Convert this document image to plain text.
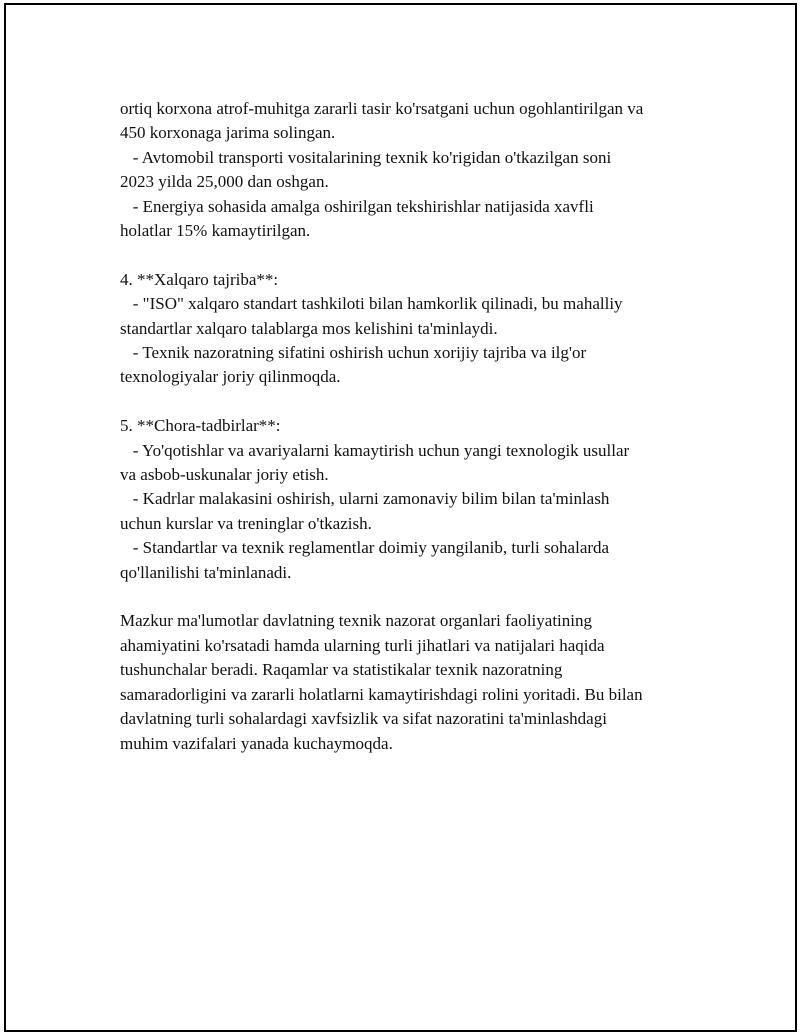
ortiq korxona atrof-muhitga zararli tasir ko'rsatgani uchun ogohlantirilgan va
450 korxonaga jarima solingan.
- Avtomobil transporti vositalarining texnik ko'rigidan o'tkazilgan soni
2023 yilda 25,000 dan oshgan.
- Energiya sohasida amalga oshirilgan tekshirishlar natijasida xavfli
holatlar 15% kamaytirilgan.
4. **Xalqaro tajriba**:
- "ISO" xalqaro standart tashkiloti bilan hamkorlik qilinadi, bu mahalliy
standartlar xalqaro talablarga mos kelishini ta'minlaydi.
- Texnik nazoratning sifatini oshirish uchun xorijiy tajriba va ilg'or
texnologiyalar joriy qilinmoqda.
5. **Chora-tadbirlar**:
- Yo'qotishlar va avariyalarni kamaytirish uchun yangi texnologik usullar
va asbob-uskunalar joriy etish.
- Kadrlar malakasini oshirish, ularni zamonaviy bilim bilan ta'minlash
uchun kurslar va treninglar o'tkazish.
- Standartlar va texnik reglamentlar doimiy yangilanib, turli sohalarda
qo'llanilishi ta'minlanadi.
Mazkur ma'lumotlar davlatning texnik nazorat organlari faoliyatining
ahamiyatini ko'rsatadi hamda ularning turli jihatlari va natijalari haqida
tushunchalar beradi. Raqamlar va statistikalar texnik nazoratning
samaradorligini va zararli holatlarni kamaytirishdagi rolini yoritadi. Bu bilan
davlatning turli sohalardagi xavfsizlik va sifat nazoratini ta'minlashdagi
muhim vazifalari yanada kuchaymoqda.
